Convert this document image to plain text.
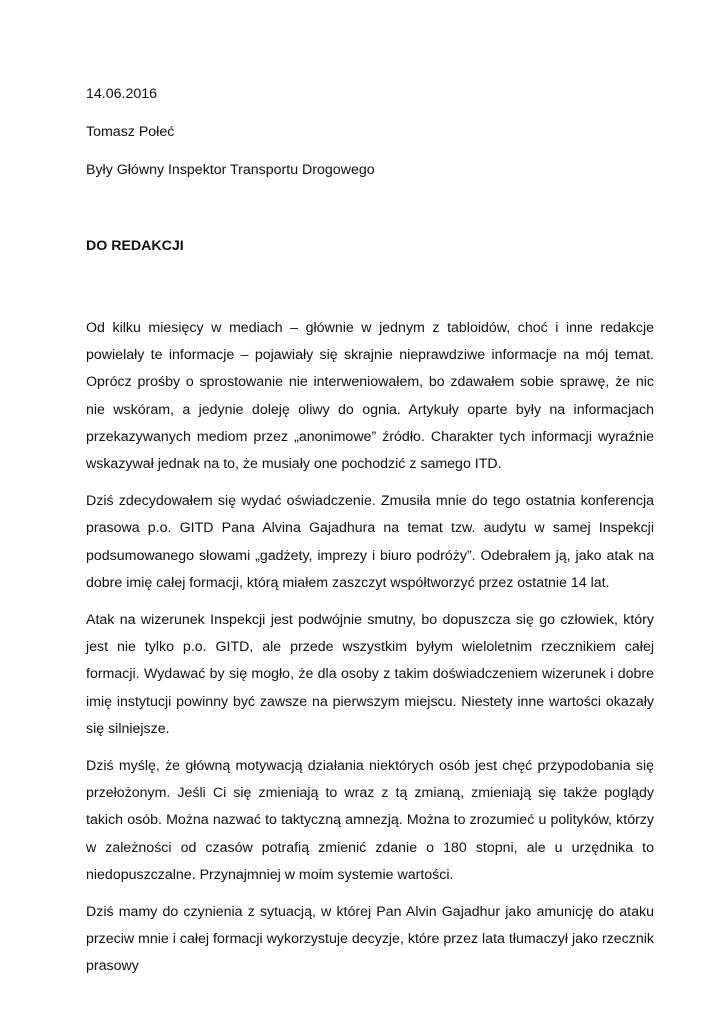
14.06.2016

Tomasz Połeć

Były Główny Inspektor Transportu Drogowego

DO REDAKCJI

Od kilku miesięcy w mediach – głównie w jednym z tabloidów, choć i inne redakcje powielały te informacje – pojawiały się skrajnie nieprawdziwe informacje na mój temat. Oprócz prośby o sprostowanie nie interweniowałem, bo zdawałem sobie sprawę, że nic nie wskóram, a jedynie doleję oliwy do ognia. Artykuły oparte były na informacjach przekazywanych mediom przez „anonimowe” źródło. Charakter tych informacji wyraźnie wskazywał jednak na to, że musiały one pochodzić z samego ITD.

Dziś zdecydowałem się wydać oświadczenie. Zmusiła mnie do tego ostatnia konferencja prasowa p.o. GITD Pana Alvina Gajadhura na temat tzw. audytu w samej Inspekcji podsumowanego słowami „gadżety, imprezy i biuro podróży”. Odebrałem ją, jako atak na dobre imię całej formacji, którą miałem zaszczyt współtworzyć przez ostatnie 14 lat.

Atak na wizerunek Inspekcji jest podwójnie smutny, bo dopuszcza się go człowiek, który jest nie tylko p.o. GITD, ale przede wszystkim byłym wieloletnim rzecznikiem całej formacji. Wydawać by się mogło, że dla osoby z takim doświadczeniem wizerunek i dobre imię instytucji powinny być zawsze na pierwszym miejscu. Niestety inne wartości okazały się silniejsze.

Dziś myślę, że główną motywacją działania niektórych osób jest chęć przypodobania się przełożonym. Jeśli Ci się zmieniają to wraz z tą zmianą, zmieniają się także poglądy takich osób. Można nazwać to taktyczną amnezją. Można to zrozumieć u polityków, którzy w zależności od czasów potrafią zmienić zdanie o 180 stopni, ale u urzędnika to niedopuszczalne. Przynajmniej w moim systemie wartości.

Dziś mamy do czynienia z sytuacją, w której Pan Alvin Gajadhur jako amunicję do ataku przeciw mnie i całej formacji wykorzystuje decyzje, które przez lata tłumaczył jako rzecznik prasowy
